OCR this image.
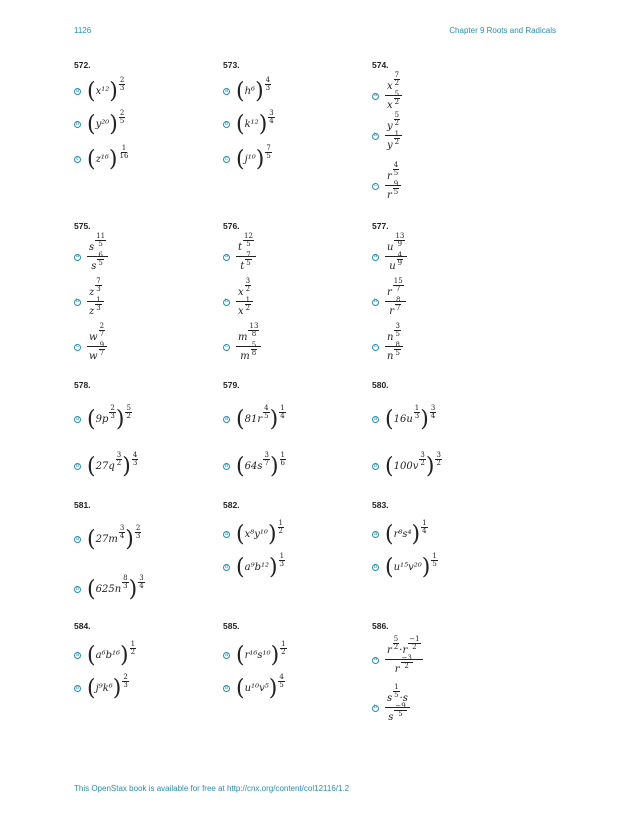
1126	Chapter 9 Roots and Radicals
572.
a $(x^{12}) \frac{2}{3}$
b $(y^{20}) \frac{2}{5}$
c $(z^{16}) \frac{1}{16}$
573.
a $(h^6) \frac{4}{3}$
b $(k^{12}) \frac{3}{4}$
c $(j^{10}) \frac{7}{5}$
574.
a $\frac{x \frac{7}{2}}{x \frac{5}{2}}$
b $\frac{y \frac{5}{2}}{y \frac{1}{2}}$
c $\frac{r \frac{4}{5}}{r \frac{9}{5}}$
575.
a $\frac{s \frac{11}{5}}{s \frac{6}{5}}$
b $\frac{z \frac{7}{3}}{z \frac{1}{3}}$
c $\frac{w \frac{2}{7}}{w \frac{9}{7}}$
576.
a $\frac{t \frac{12}{5}}{t \frac{7}{5}}$
b $\frac{x \frac{3}{2}}{x \frac{1}{2}}$
c $\frac{m \frac{13}{8}}{m \frac{5}{8}}$
577.
a $\frac{u \frac{13}{9}}{u \frac{4}{9}}$
b $\frac{r \frac{15}{7}}{r \frac{8}{7}}$
c $\frac{n \frac{3}{5}}{n \frac{8}{5}}$
578.
a ($9p \frac{2}{3}$ ) $\frac{5}{2}$
b ($27q \frac{3}{2}$ ) $\frac{4}{3}$
579.
a ($81r \frac{4}{5}$ ) $\frac{1}{4}$
b ($64s \frac{3}{7}$ ) $\frac{1}{6}$
580.
a ($16u \frac{1}{3}$ ) $\frac{3}{4}$
b ($100v \frac{3}{2}$ ) $\frac{3}{2}$
581.
a ($27m \frac{3}{4}$ ) $\frac{2}{3}$
b ($625n \frac{8}{3}$ ) $\frac{3}{4}$
582.
a $(x^8y^{10}) \frac{1}{2}$
b $(a^9b^{12}) \frac{1}{3}$
583.
a $(r^8s^4) \frac{1}{4}$
b $(u^{15}v^{20}) \frac{1}{5}$
584.
a $(a^6b^{16}) \frac{1}{2}$
b $(j^9k^6) \frac{2}{3}$
585.
a $(r^{16}s^{10}) \frac{1}{2}$
b $(u^{10}v^5) \frac{4}{5}$
586.
a $\frac{r \frac{5}{2} \cdot r \frac{-1}{2}}{r \frac{-3}{2}}$
b $\frac{s \frac{1}{5} \cdot s}{s \frac{-9}{5}}$
This OpenStax book is available for free at http://cnx.org/content/col12116/1.2
